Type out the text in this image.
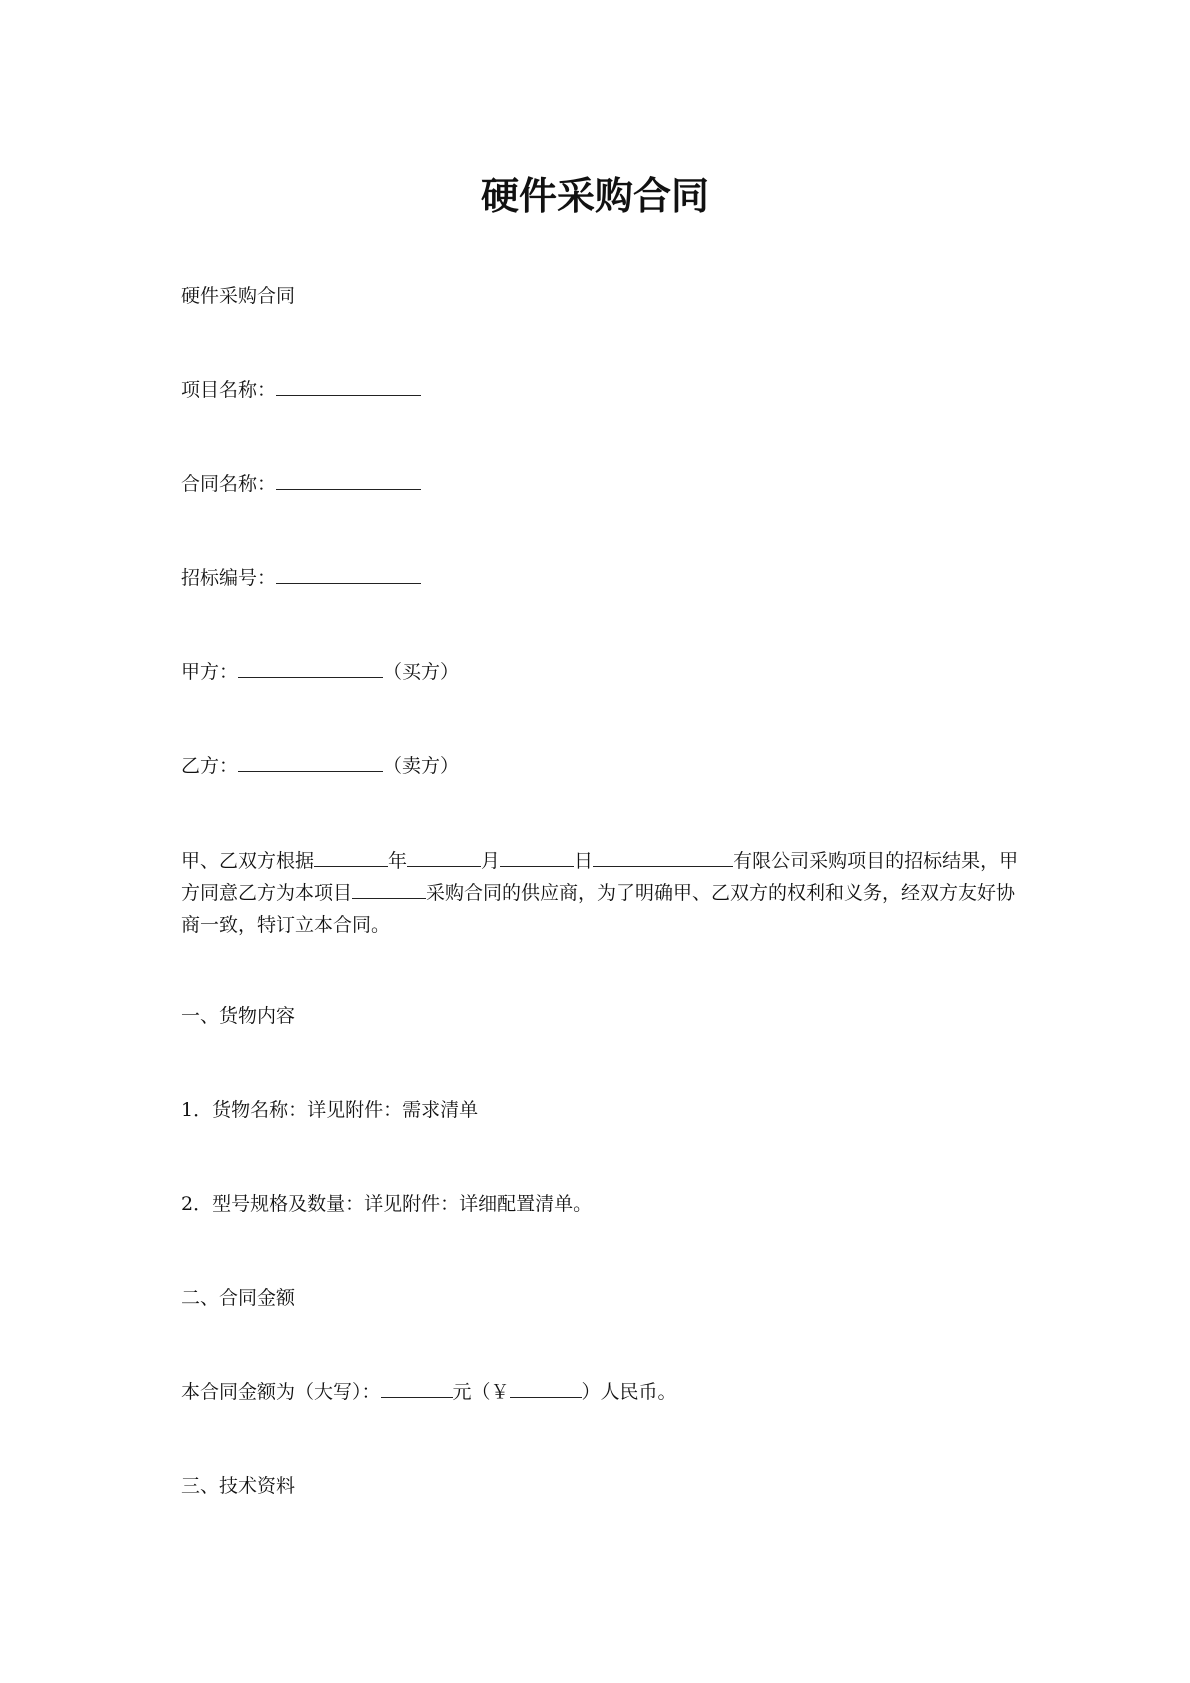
硬件采购合同
硬件采购合同
项目名称：
合同名称：
招标编号：
甲方：	（买方）
乙方：	（卖方）
甲、乙双方根据	年	月	日	有限公司采购项目的招标结果，甲方同意乙方为本项目	采购合同的供应商，为了明确甲、乙双方的权利和义务，经双方友好协商一致，特订立本合同。
一、货物内容
1．货物名称：详见附件：需求清单
2．型号规格及数量：详见附件：详细配置清单。
二、合同金额
本合同金额为（大写）：	元（￥	）人民币。
三、技术资料
